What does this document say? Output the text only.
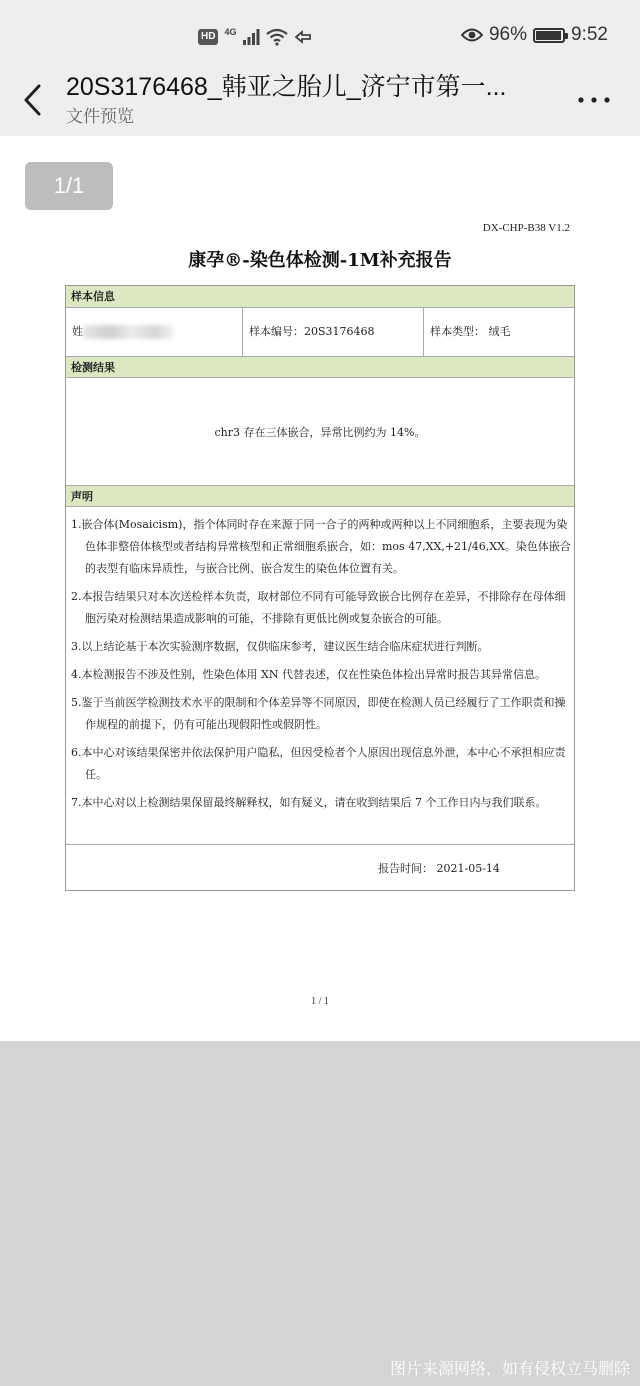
HD	4G	96% 9:52
20S3176468_韩亚之胎儿_济宁市第一...
文件预览
1/1
DX-CHP-B38 V1.2
康孕®-染色体检测-1M补充报告
样本信息
姓	样本编号：20S3176468	样本类型： 绒毛
检测结果
chr3 存在三体嵌合，异常比例约为 14%。
声明
1.嵌合体(Mosaicism)，指个体同时存在来源于同一合子的两种或两种以上不同细胞系，主要表现为染色体非整倍体核型或者结构异常核型和正常细胞系嵌合，如：mos 47,XX,+21/46,XX。染色体嵌合的表型有临床异质性，与嵌合比例、嵌合发生的染色体位置有关。
2.本报告结果只对本次送检样本负责，取材部位不同有可能导致嵌合比例存在差异，不排除存在母体细胞污染对检测结果造成影响的可能，不排除有更低比例或复杂嵌合的可能。
3.以上结论基于本次实验测序数据，仅供临床参考，建议医生结合临床症状进行判断。
4.本检测报告不涉及性别，性染色体用 XN 代替表述，仅在性染色体检出异常时报告其异常信息。
5.鉴于当前医学检测技术水平的限制和个体差异等不同原因，即使在检测人员已经履行了工作职责和操作规程的前提下，仍有可能出现假阳性或假阴性。
6.本中心对该结果保密并依法保护用户隐私，但因受检者个人原因出现信息外泄，本中心不承担相应责任。
7.本中心对以上检测结果保留最终解释权，如有疑义，请在收到结果后 7 个工作日内与我们联系。
报告时间： 2021-05-14
1 / 1
图片来源网络，如有侵权立马删除
